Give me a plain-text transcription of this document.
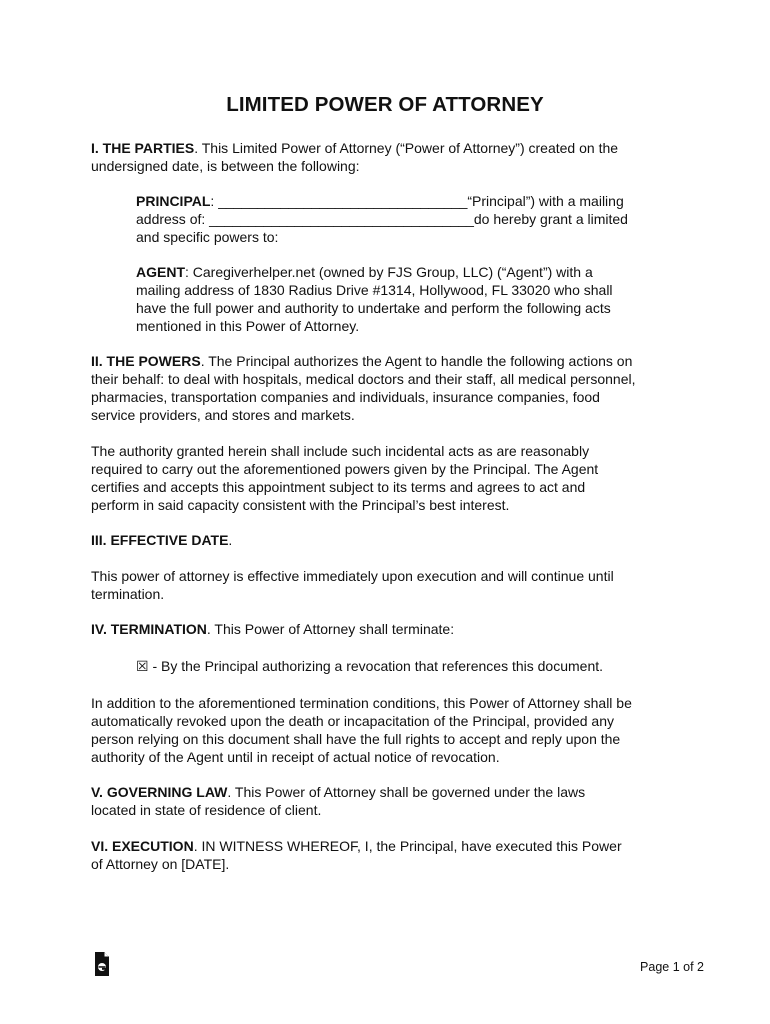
LIMITED POWER OF ATTORNEY
I. THE PARTIES. This Limited Power of Attorney (“Power of Attorney”) created on the
undersigned date, is between the following:
PRINCIPAL: ________________________________“Principal”) with a mailing
address of: __________________________________do hereby grant a limited
and specific powers to:
AGENT: Caregiverhelper.net (owned by FJS Group, LLC) (“Agent”) with a
mailing address of 1830 Radius Drive #1314, Hollywood, FL 33020 who shall
have the full power and authority to undertake and perform the following acts
mentioned in this Power of Attorney.
II. THE POWERS. The Principal authorizes the Agent to handle the following actions on
their behalf: to deal with hospitals, medical doctors and their staff, all medical personnel,
pharmacies, transportation companies and individuals, insurance companies, food
service providers, and stores and markets.
The authority granted herein shall include such incidental acts as are reasonably
required to carry out the aforementioned powers given by the Principal. The Agent
certifies and accepts this appointment subject to its terms and agrees to act and
perform in said capacity consistent with the Principal’s best interest.
III. EFFECTIVE DATE.
This power of attorney is effective immediately upon execution and will continue until
termination.
IV. TERMINATION. This Power of Attorney shall terminate:
☒ - By the Principal authorizing a revocation that references this document.
In addition to the aforementioned termination conditions, this Power of Attorney shall be
automatically revoked upon the death or incapacitation of the Principal, provided any
person relying on this document shall have the full rights to accept and reply upon the
authority of the Agent until in receipt of actual notice of revocation.
V. GOVERNING LAW. This Power of Attorney shall be governed under the laws
located in state of residence of client.
VI. EXECUTION. IN WITNESS WHEREOF, I, the Principal, have executed this Power
of Attorney on [DATE].
Page 1 of 2
